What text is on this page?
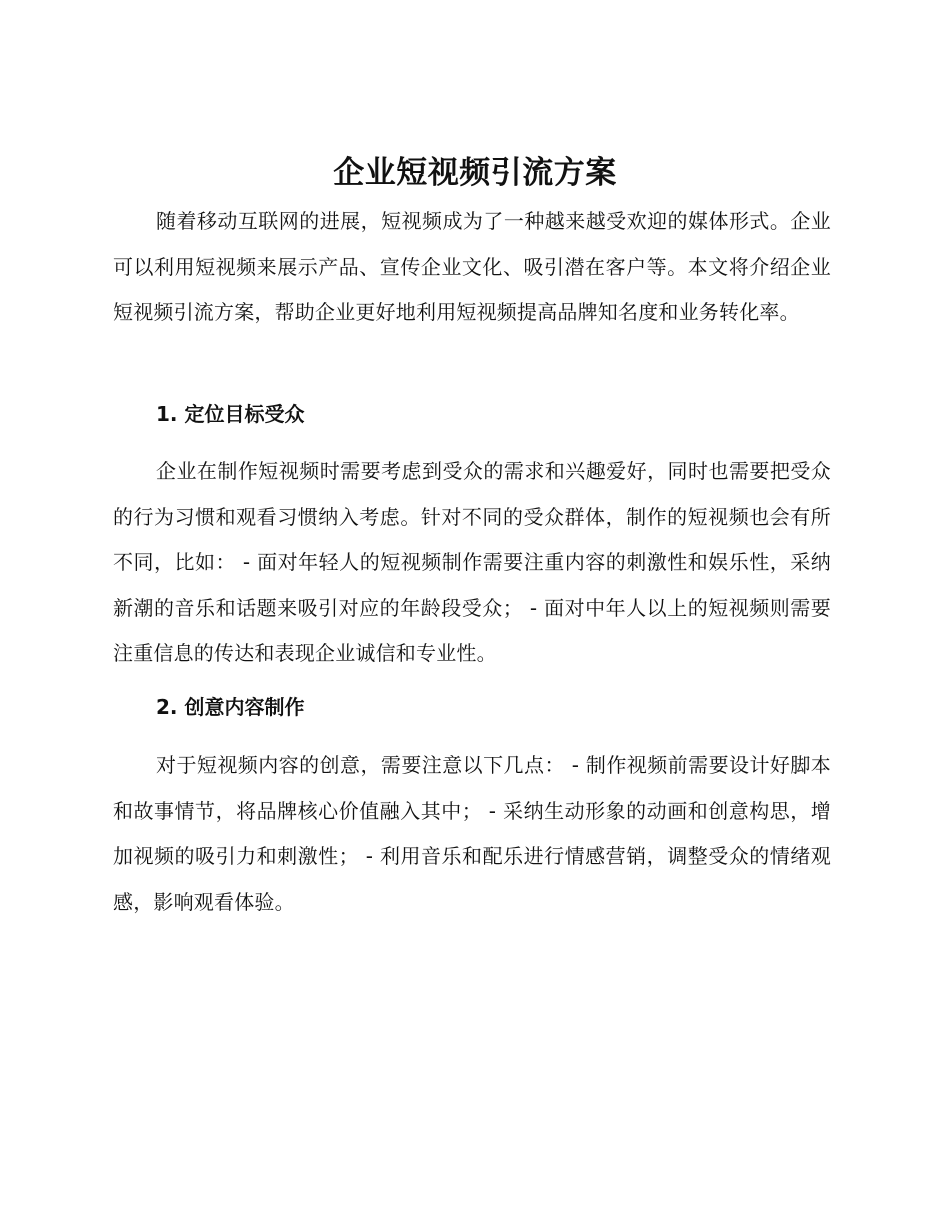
企业短视频引流方案

随着移动互联网的进展，短视频成为了一种越来越受欢迎的媒体形式。企业可以利用短视频来展示产品、宣传企业文化、吸引潜在客户等。本文将介绍企业短视频引流方案，帮助企业更好地利用短视频提高品牌知名度和业务转化率。

1. 定位目标受众

企业在制作短视频时需要考虑到受众的需求和兴趣爱好，同时也需要把受众的行为习惯和观看习惯纳入考虑。针对不同的受众群体，制作的短视频也会有所不同，比如： - 面对年轻人的短视频制作需要注重内容的刺激性和娱乐性，采纳新潮的音乐和话题来吸引对应的年龄段受众； - 面对中年人以上的短视频则需要注重信息的传达和表现企业诚信和专业性。

2. 创意内容制作

对于短视频内容的创意，需要注意以下几点： - 制作视频前需要设计好脚本和故事情节，将品牌核心价值融入其中； - 采纳生动形象的动画和创意构思，增加视频的吸引力和刺激性； - 利用音乐和配乐进行情感营销，调整受众的情绪观感，影响观看体验。
